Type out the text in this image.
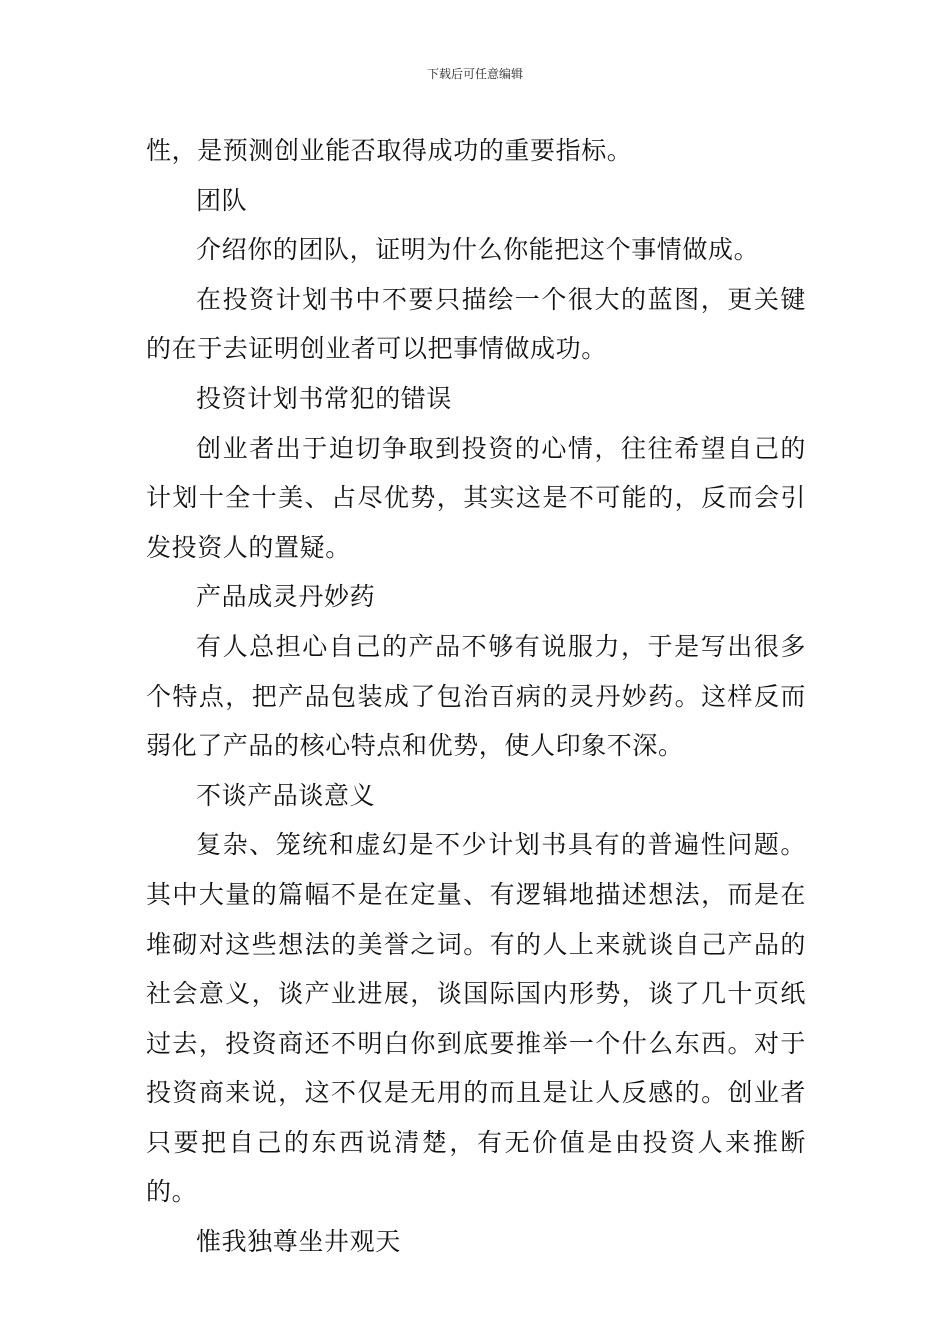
下载后可任意编辑

性，是预测创业能否取得成功的重要指标。

团队

介绍你的团队，证明为什么你能把这个事情做成。

在投资计划书中不要只描绘一个很大的蓝图，更关键的在于去证明创业者可以把事情做成功。

投资计划书常犯的错误

创业者出于迫切争取到投资的心情，往往希望自己的计划十全十美、占尽优势，其实这是不可能的，反而会引发投资人的置疑。

产品成灵丹妙药

有人总担心自己的产品不够有说服力，于是写出很多个特点，把产品包装成了包治百病的灵丹妙药。这样反而弱化了产品的核心特点和优势，使人印象不深。

不谈产品谈意义

复杂、笼统和虚幻是不少计划书具有的普遍性问题。其中大量的篇幅不是在定量、有逻辑地描述想法，而是在堆砌对这些想法的美誉之词。有的人上来就谈自己产品的社会意义，谈产业进展，谈国际国内形势，谈了几十页纸过去，投资商还不明白你到底要推举一个什么东西。对于投资商来说，这不仅是无用的而且是让人反感的。创业者只要把自己的东西说清楚，有无价值是由投资人来推断的。

惟我独尊坐井观天
